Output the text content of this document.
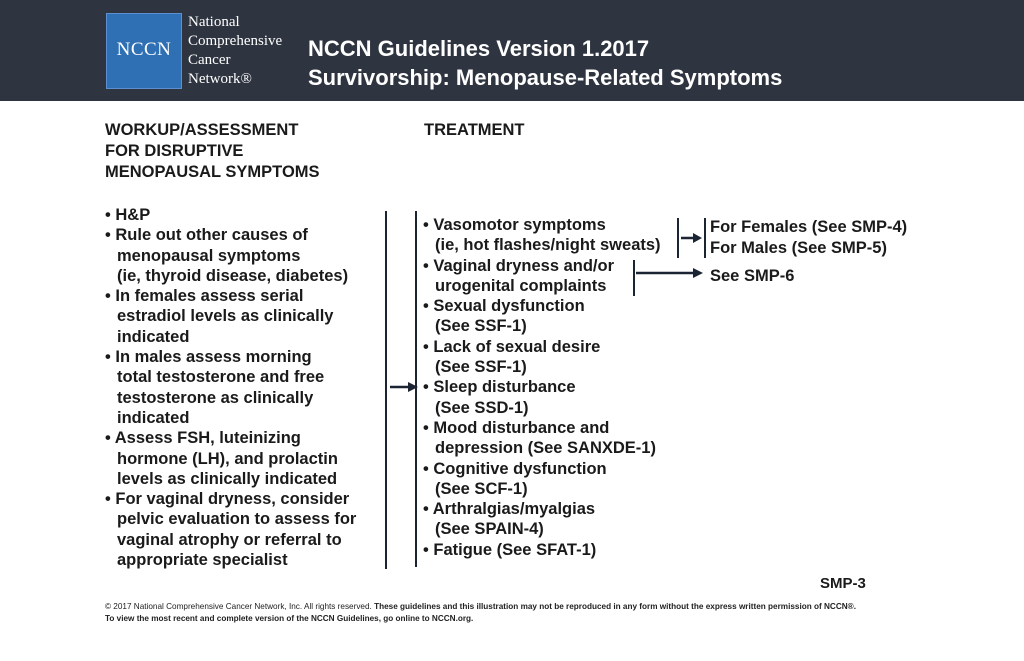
NCCN
National
Comprehensive
Cancer
Network®
NCCN Guidelines Version 1.2017
Survivorship: Menopause-Related Symptoms
WORKUP/ASSESSMENT
FOR DISRUPTIVE
MENOPAUSAL SYMPTOMS
TREATMENT
• H&P
• Rule out other causes of
menopausal symptoms
(ie, thyroid disease, diabetes)
• In females assess serial
estradiol levels as clinically
indicated
• In males assess morning
total testosterone and free
testosterone as clinically
indicated
• Assess FSH, luteinizing
hormone (LH), and prolactin
levels as clinically indicated
• For vaginal dryness, consider
pelvic evaluation to assess for
vaginal atrophy or referral to
appropriate specialist
• Vasomotor symptoms
(ie, hot flashes/night sweats)
• Vaginal dryness and/or
urogenital complaints
• Sexual dysfunction
(See SSF-1)
• Lack of sexual desire
(See SSF-1)
• Sleep disturbance
(See SSD-1)
• Mood disturbance and
depression (See SANXDE-1)
• Cognitive dysfunction
(See SCF-1)
• Arthralgias/myalgias
(See SPAIN-4)
• Fatigue (See SFAT-1)
For Females (See SMP-4)
For Males (See SMP-5)
See SMP-6
SMP-3
© 2017 National Comprehensive Cancer Network, Inc. All rights reserved. These guidelines and this illustration may not be reproduced in any form without the express written permission of NCCN®.
To view the most recent and complete version of the NCCN Guidelines, go online to NCCN.org.
